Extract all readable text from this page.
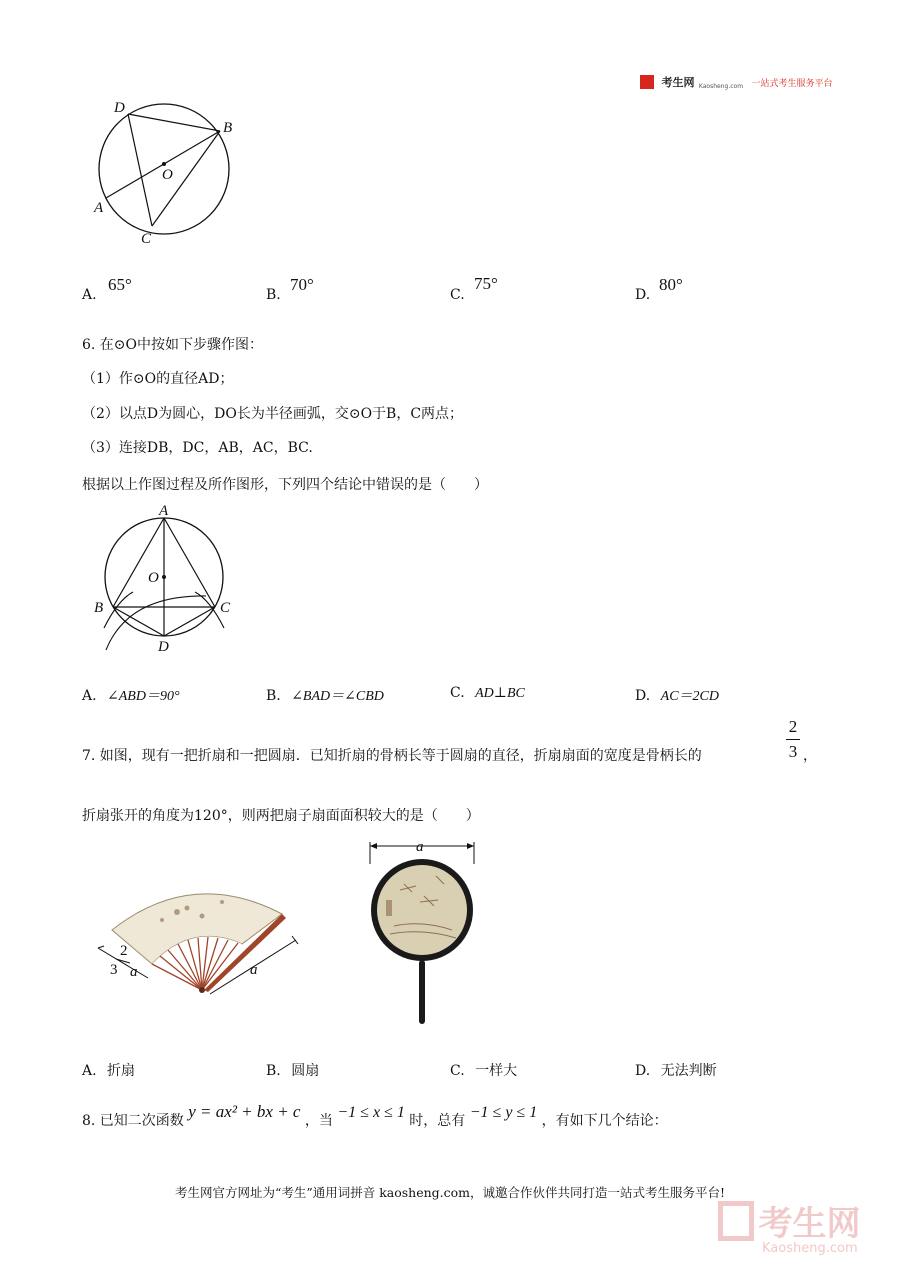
考生网 Kaosheng.com 一站式考生服务平台
D
B
O
A
C
A.
65°
B.
70°
C.
75°
D.
80°
6. 在⊙O中按如下步骤作图：
（1）作⊙O的直径AD；
（2）以点D为圆心，DO长为半径画弧，交⊙O于B，C两点；
（3）连接DB，DC，AB，AC，BC.
根据以上作图过程及所作图形，下列四个结论中错误的是（　　）
A
O
B	C
D
A. ∠ABD＝90°	B. ∠BAD＝∠CBD	C. AD⊥BC	D. AC＝2CD
7. 如图，现有一把折扇和一把圆扇．已知折扇的骨柄长等于圆扇的直径，折扇扇面的宽度是骨柄长的
2
3 ，
折扇张开的角度为120°，则两把扇子扇面面积较大的是（　　）
2
3 a	a
a
A. 折扇	B. 圆扇	C. 一样大	D. 无法判断
8. 已知二次函数 y = ax² + bx + c ，当 −1 ≤ x ≤ 1 时，总有 −1 ≤ y ≤ 1 ，有如下几个结论：
考生网官方网址为“考生”通用词拼音 kaosheng.com，诚邀合作伙伴共同打造一站式考生服务平台!
考生网
Kaosheng.com
